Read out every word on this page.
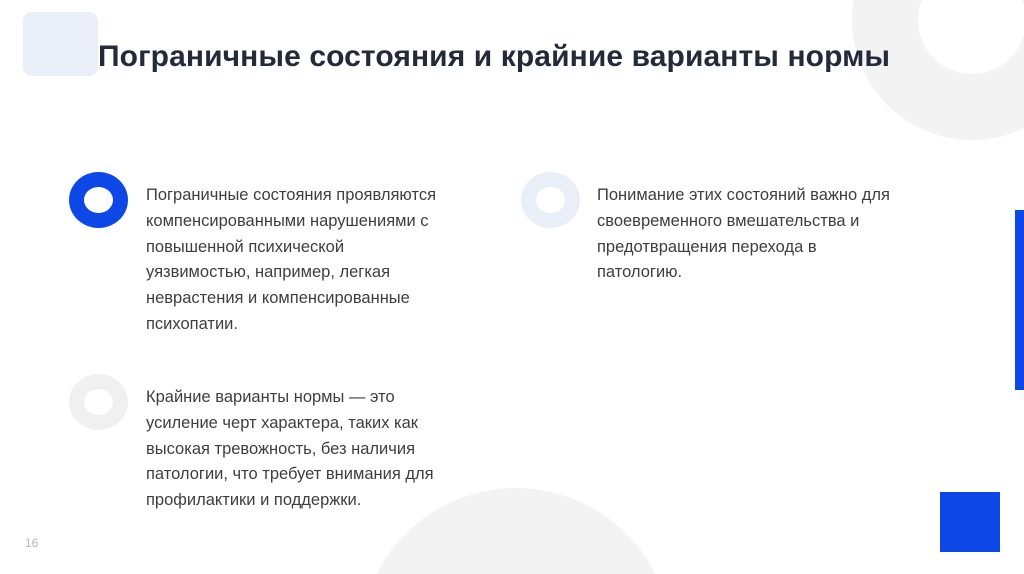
Пограничные состояния и крайние варианты нормы

Пограничные состояния проявляются
компенсированными нарушениями с
повышенной психической
уязвимостью, например, легкая
неврастения и компенсированные
психопатии.

Понимание этих состояний важно для
своевременного вмешательства и
предотвращения перехода в
патологию.

Крайние варианты нормы — это
усиление черт характера, таких как
высокая тревожность, без наличия
патологии, что требует внимания для
профилактики и поддержки.

16
